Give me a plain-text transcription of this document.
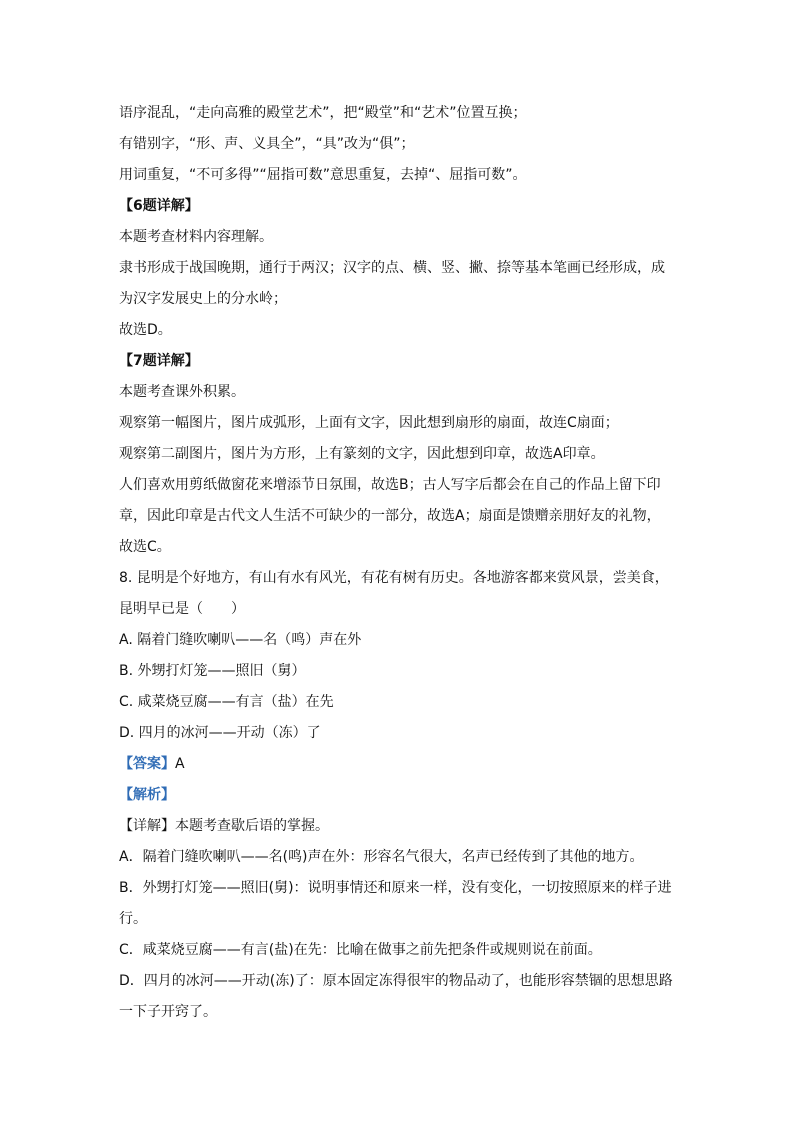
语序混乱，“走向高雅的殿堂艺术”，把“殿堂”和“艺术”位置互换；
有错别字，“形、声、义具全”，“具”改为“俱”；
用词重复，“不可多得”“屈指可数”意思重复，去掉“、屈指可数”。
【6题详解】
本题考查材料内容理解。
隶书形成于战国晚期，通行于两汉；汉字的点、横、竖、撇、捺等基本笔画已经形成，成
为汉字发展史上的分水岭；
故选D。
【7题详解】
本题考查课外积累。
观察第一幅图片，图片成弧形，上面有文字，因此想到扇形的扇面，故连C扇面；
观察第二副图片，图片为方形，上有篆刻的文字，因此想到印章，故选A印章。
人们喜欢用剪纸做窗花来增添节日氛围，故选B；古人写字后都会在自己的作品上留下印
章，因此印章是古代文人生活不可缺少的一部分，故选A；扇面是馈赠亲朋好友的礼物，
故选C。
8. 昆明是个好地方，有山有水有风光，有花有树有历史。各地游客都来赏风景，尝美食，
昆明早已是（　　）
A. 隔着门缝吹喇叭——名（鸣）声在外
B. 外甥打灯笼——照旧（舅）
C. 咸菜烧豆腐——有言（盐）在先
D. 四月的冰河——开动（冻）了
【答案】A
【解析】
【详解】本题考查歇后语的掌握。
A．隔着门缝吹喇叭——名(鸣)声在外：形容名气很大，名声已经传到了其他的地方。
B．外甥打灯笼——照旧(舅)：说明事情还和原来一样，没有变化，一切按照原来的样子进
行。
C．咸菜烧豆腐——有言(盐)在先：比喻在做事之前先把条件或规则说在前面。
D．四月的冰河——开动(冻)了：原本固定冻得很牢的物品动了，也能形容禁锢的思想思路
一下子开窍了。
